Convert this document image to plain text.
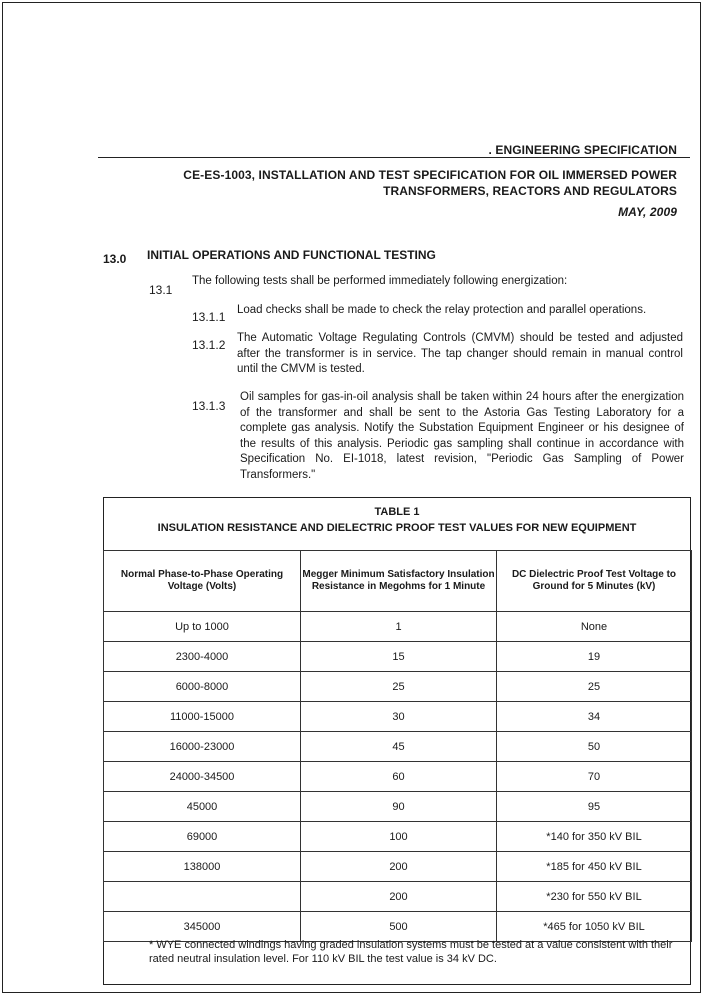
. ENGINEERING SPECIFICATION
CE-ES-1003, INSTALLATION AND TEST SPECIFICATION FOR OIL IMMERSED POWER
TRANSFORMERS, REACTORS AND REGULATORS
MAY, 2009
13.0 INITIAL OPERATIONS AND FUNCTIONAL TESTING
13.1
The following tests shall be performed immediately following energization:
13.1.1 Load checks shall be made to check the relay protection and parallel operations.
13.1.2 The Automatic Voltage Regulating Controls (CMVM) should be tested and adjusted after the transformer is in service. The tap changer should remain in manual control until the CMVM is tested.
13.1.3
Oil samples for gas-in-oil analysis shall be taken within 24 hours after the energization of the transformer and shall be sent to the Astoria Gas Testing Laboratory for a complete gas analysis. Notify the Substation Equipment Engineer or his designee of the results of this analysis. Periodic gas sampling shall continue in accordance with Specification No. EI-1018, latest revision, "Periodic Gas Sampling of Power Transformers."
TABLE 1
INSULATION RESISTANCE AND DIELECTRIC PROOF TEST VALUES FOR NEW EQUIPMENT
Normal Phase-to-Phase Operating Voltage (Volts)	Megger Minimum Satisfactory Insulation Resistance in Megohms for 1 Minute	DC Dielectric Proof Test Voltage to Ground for 5 Minutes (kV)
Up to 1000	1	None
2300-4000	15	19
6000-8000	25	25
11000-15000	30	34
16000-23000	45	50
24000-34500	60	70
45000	90	95
69000	100	*140 for 350 kV BIL
138000	200	*185 for 450 kV BIL
	200	*230 for 550 kV BIL
345000	500	*465 for 1050 kV BIL
* WYE connected windings having graded insulation systems must be tested at a value consistent with their rated neutral insulation level. For 110 kV BIL the test value is 34 kV DC.
